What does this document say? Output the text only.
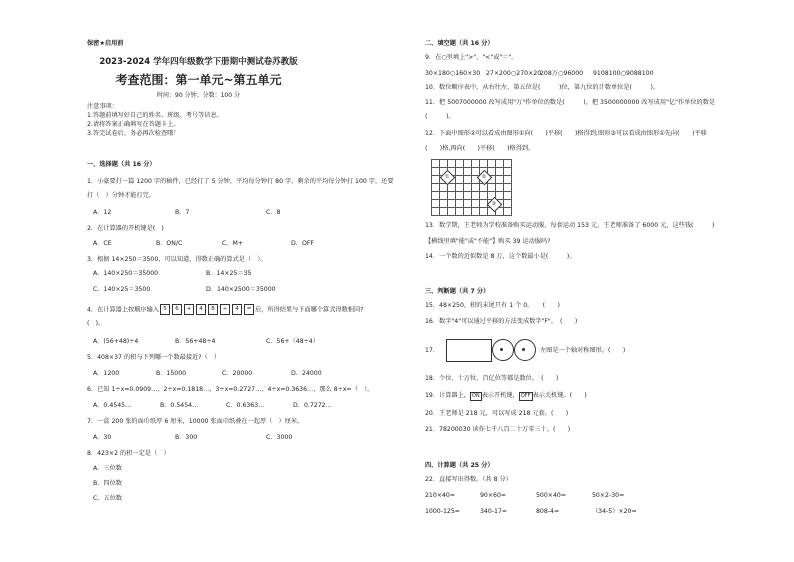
保密★启用前
2023-2024 学年四年级数学下册期中测试卷苏教版
考查范围：第一单元~第五单元
时间：90 分钟；分数：100 分
注意事项：
1.答题前填写好自己的姓名、班级、考号等信息。
2.请将答案正确填写在答题卡上。
3.答完试卷后，务必再次检查哦！
一、选择题（共 16 分）
1．小豪要打一篇 1200 字的稿件，已经打了 5 分钟，平均每分钟打 80 字，剩余的平均每分钟打 100 字，还要
打（　）分钟才能打完。
A．12	B．7	C．8
2．在计算器的开机键是(　)
A．CE	B．ON/C	C．M+	D．OFF
3．根据 14×250＝3500，可以知道，得数正确的算式是（　）。
A．140×250＝35000	B．14×25＝35
C．140×25＝3500	D．140×2500＝35000
4．在计算器上按顺序输入 5 6 + 4 8 ÷ 4 = 后，所得结果与下面哪个算式得数相同?
(　)。
A．(56+48)÷4	B．56+48÷4	C．56+（48÷4）
5．408×37 的积与下列哪一个数最接近?（　）
A．1200	B．15000	C．20000	D．24000
6．已知 1÷x=0.0909…，2÷x=0.1818…，3÷x=0.2727…，4÷x=0.3636…，那么 8÷x=（　）。
A．0.4545…	B．0.5454…	C．0.6363…	D．0.7272…
7．一盒 200 张的面巾纸厚 6 厘米，10000 张面巾纸叠在一起厚（　）厘米。
A．30	B．300	C．3000
8．423×2 的积一定是（　）
A．三位数
B．四位数
C．五位数
二、填空题（共 16 分）
9．在○里填上">"、"<"或"＝"。
30×180○160×30 27×200○270×20
208万○96000 9108100○9088100
10．数位顺序表中，从右往左，第五位是(　　　)位，第九位的计数单位是(　　　)。
11．把 5007000000 改写成用"万"作单位的数是(　　　)，把 3500000000 改写成用"亿"作单位的数是
(　　　)。
12．下面中图形②可以看成由图形①向(　　)平移(　　)格得到;图形③可以看成由图形①先向(　　)平移
(　　)格,再向(　　)平移(　　)格得到。
①	②
③
13．数学期，王老师为学校准备购买运动服，每套运动 153 元，王老师准备了 6000 元，这些钱(　　　)
【横线里填"能"或"不能"】购买 39 运动服吗?
14．一个数的近似数是 8 万，这个数最小是(　　　)。
三、判断题（共 7 分）
15．48×250，积的末尾只有 1 个 0。　　(　　)
16．数字"4"可以通过平移的方法变成数字"F"。　(　　)
17．	左图是一个轴对称图形。(　　)
18．个位、十万位、百亿位等都是数位。　(　　)
19．计算器上， ON 表示开机键， OFF 表示关机键。(　　)
20．王老师是 218 元，可以写成 218 元套。(　　)
21．78200030 读作七千八百二十万零三十。(　　)
四、计算题（共 25 分）
22．直接写出得数。（共 8 分）
210×40=	90×60=	500×40=	50×2-30=
1000-125=	340-17=	808-4=	（34-5）×20=
